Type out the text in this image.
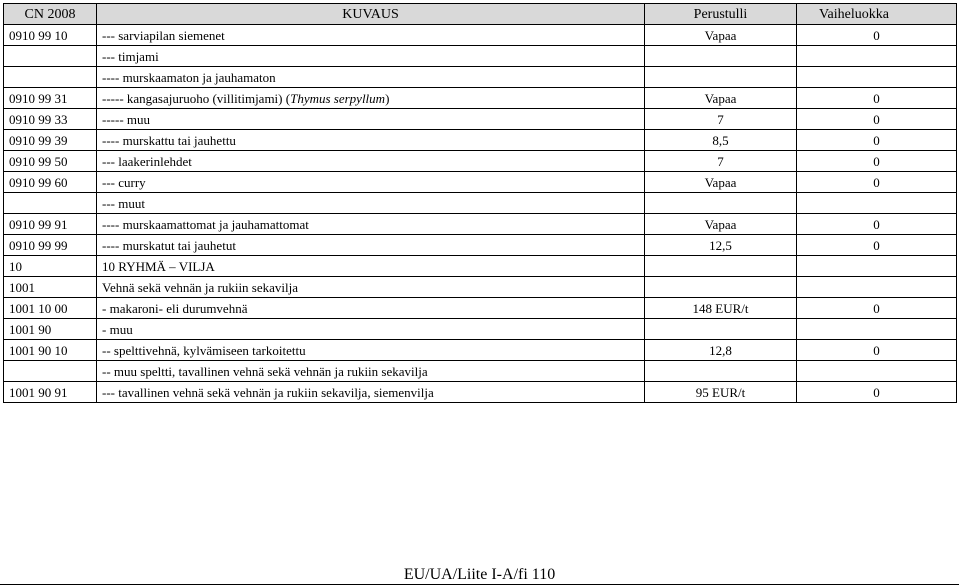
CN 2008	KUVAUS	Perustulli	Vaiheluokka
0910 99 10	--- sarviapilan siemenet	Vapaa	0
	--- timjami		
	---- murskaamaton ja jauhamaton		
0910 99 31	----- kangasajuruoho (villitimjami) (Thymus serpyllum)	Vapaa	0
0910 99 33	----- muu	7	0
0910 99 39	---- murskattu tai jauhettu	8,5	0
0910 99 50	--- laakerinlehdet	7	0
0910 99 60	--- curry	Vapaa	0
	--- muut		
0910 99 91	---- murskaamattomat ja jauhamattomat	Vapaa	0
0910 99 99	---- murskatut tai jauhetut	12,5	0
10	10 RYHMÄ – VILJA		
1001	Vehnä sekä vehnän ja rukiin sekavilja		
1001 10 00	- makaroni- eli durumvehnä	148 EUR/t	0
1001 90	- muu		
1001 90 10	-- spelttivehnä, kylvämiseen tarkoitettu	12,8	0
	-- muu speltti, tavallinen vehnä sekä vehnän ja rukiin sekavilja		
1001 90 91	--- tavallinen vehnä sekä vehnän ja rukiin sekavilja, siemenvilja	95 EUR/t	0
EU/UA/Liite I-A/fi 110
